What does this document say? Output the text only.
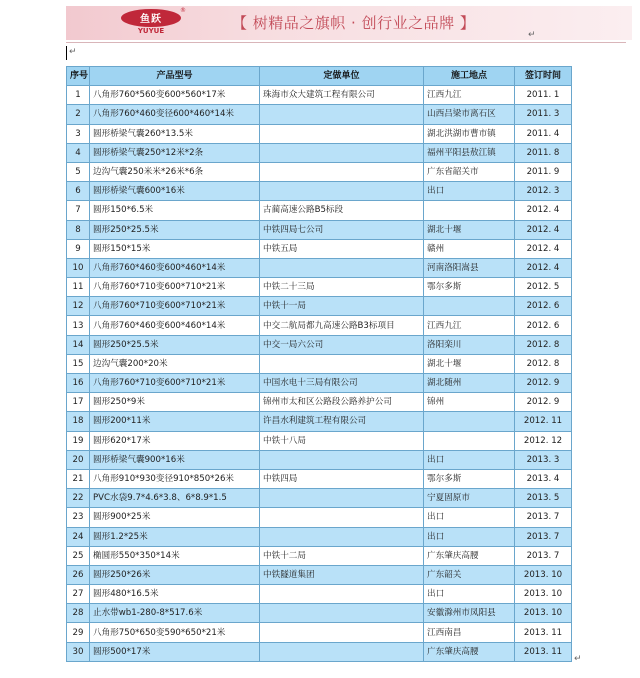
鱼跃
YUYUE
®
【 树精品之旗帜 · 创行业之品牌 】
↵
↵
序号	产品型号	定做单位	施工地点	签订时间
1	八角形760*560变600*560*17米	珠海市众大建筑工程有限公司	江西九江	2011. 1
2	八角形760*460变径600*460*14米		山西吕梁市离石区	2011. 3
3	圆形桥梁气囊260*13.5米		湖北洪湖市曹市镇	2011. 4
4	圆形桥梁气囊250*12米*2条		福州平阳县敖江镇	2011. 8
5	边沟气囊250米米*26米*6条		广东省韶关市	2011. 9
6	圆形桥梁气囊600*16米		出口	2012. 3
7	圆形150*6.5米	古蔺高速公路B5标段		2012. 4
8	圆形250*25.5米	中铁四局七公司	湖北十堰	2012. 4
9	圆形150*15米	中铁五局	赣州	2012. 4
10	八角形760*460变600*460*14米		河南洛阳嵩县	2012. 4
11	八角形760*710变600*710*21米	中铁二十三局	鄂尔多斯	2012. 5
12	八角形760*710变600*710*21米	中铁十一局		2012. 6
13	八角形760*460变600*460*14米	中交二航局都九高速公路B3标项目	江西九江	2012. 6
14	圆形250*25.5米	中交一局六公司	洛阳栾川	2012. 8
15	边沟气囊200*20米		湖北十堰	2012. 8
16	八角形760*710变600*710*21米	中国水电十三局有限公司	湖北随州	2012. 9
17	圆形250*9米	锦州市太和区公路段公路养护公司	锦州	2012. 9
18	圆形200*11米	许昌水利建筑工程有限公司		2012. 11
19	圆形620*17米	中铁十八局		2012. 12
20	圆形桥梁气囊900*16米		出口	2013. 3
21	八角形910*930变径910*850*26米	中铁四局	鄂尔多斯	2013. 4
22	PVC水袋9.7*4.6*3.8、6*8.9*1.5		宁夏固原市	2013. 5
23	圆形900*25米		出口	2013. 7
24	圆形1.2*25米		出口	2013. 7
25	椭圆形550*350*14米	中铁十二局	广东肇庆高腰	2013. 7
26	圆形250*26米	中铁隧道集团	广东韶关	2013. 10
27	圆形480*16.5米		出口	2013. 10
28	止水带wb1-280-8*517.6米		安徽滁州市凤阳县	2013. 10
29	八角形750*650变590*650*21米		江西南昌	2013. 11
30	圆形500*17米		广东肇庆高腰	2013. 11
↵
